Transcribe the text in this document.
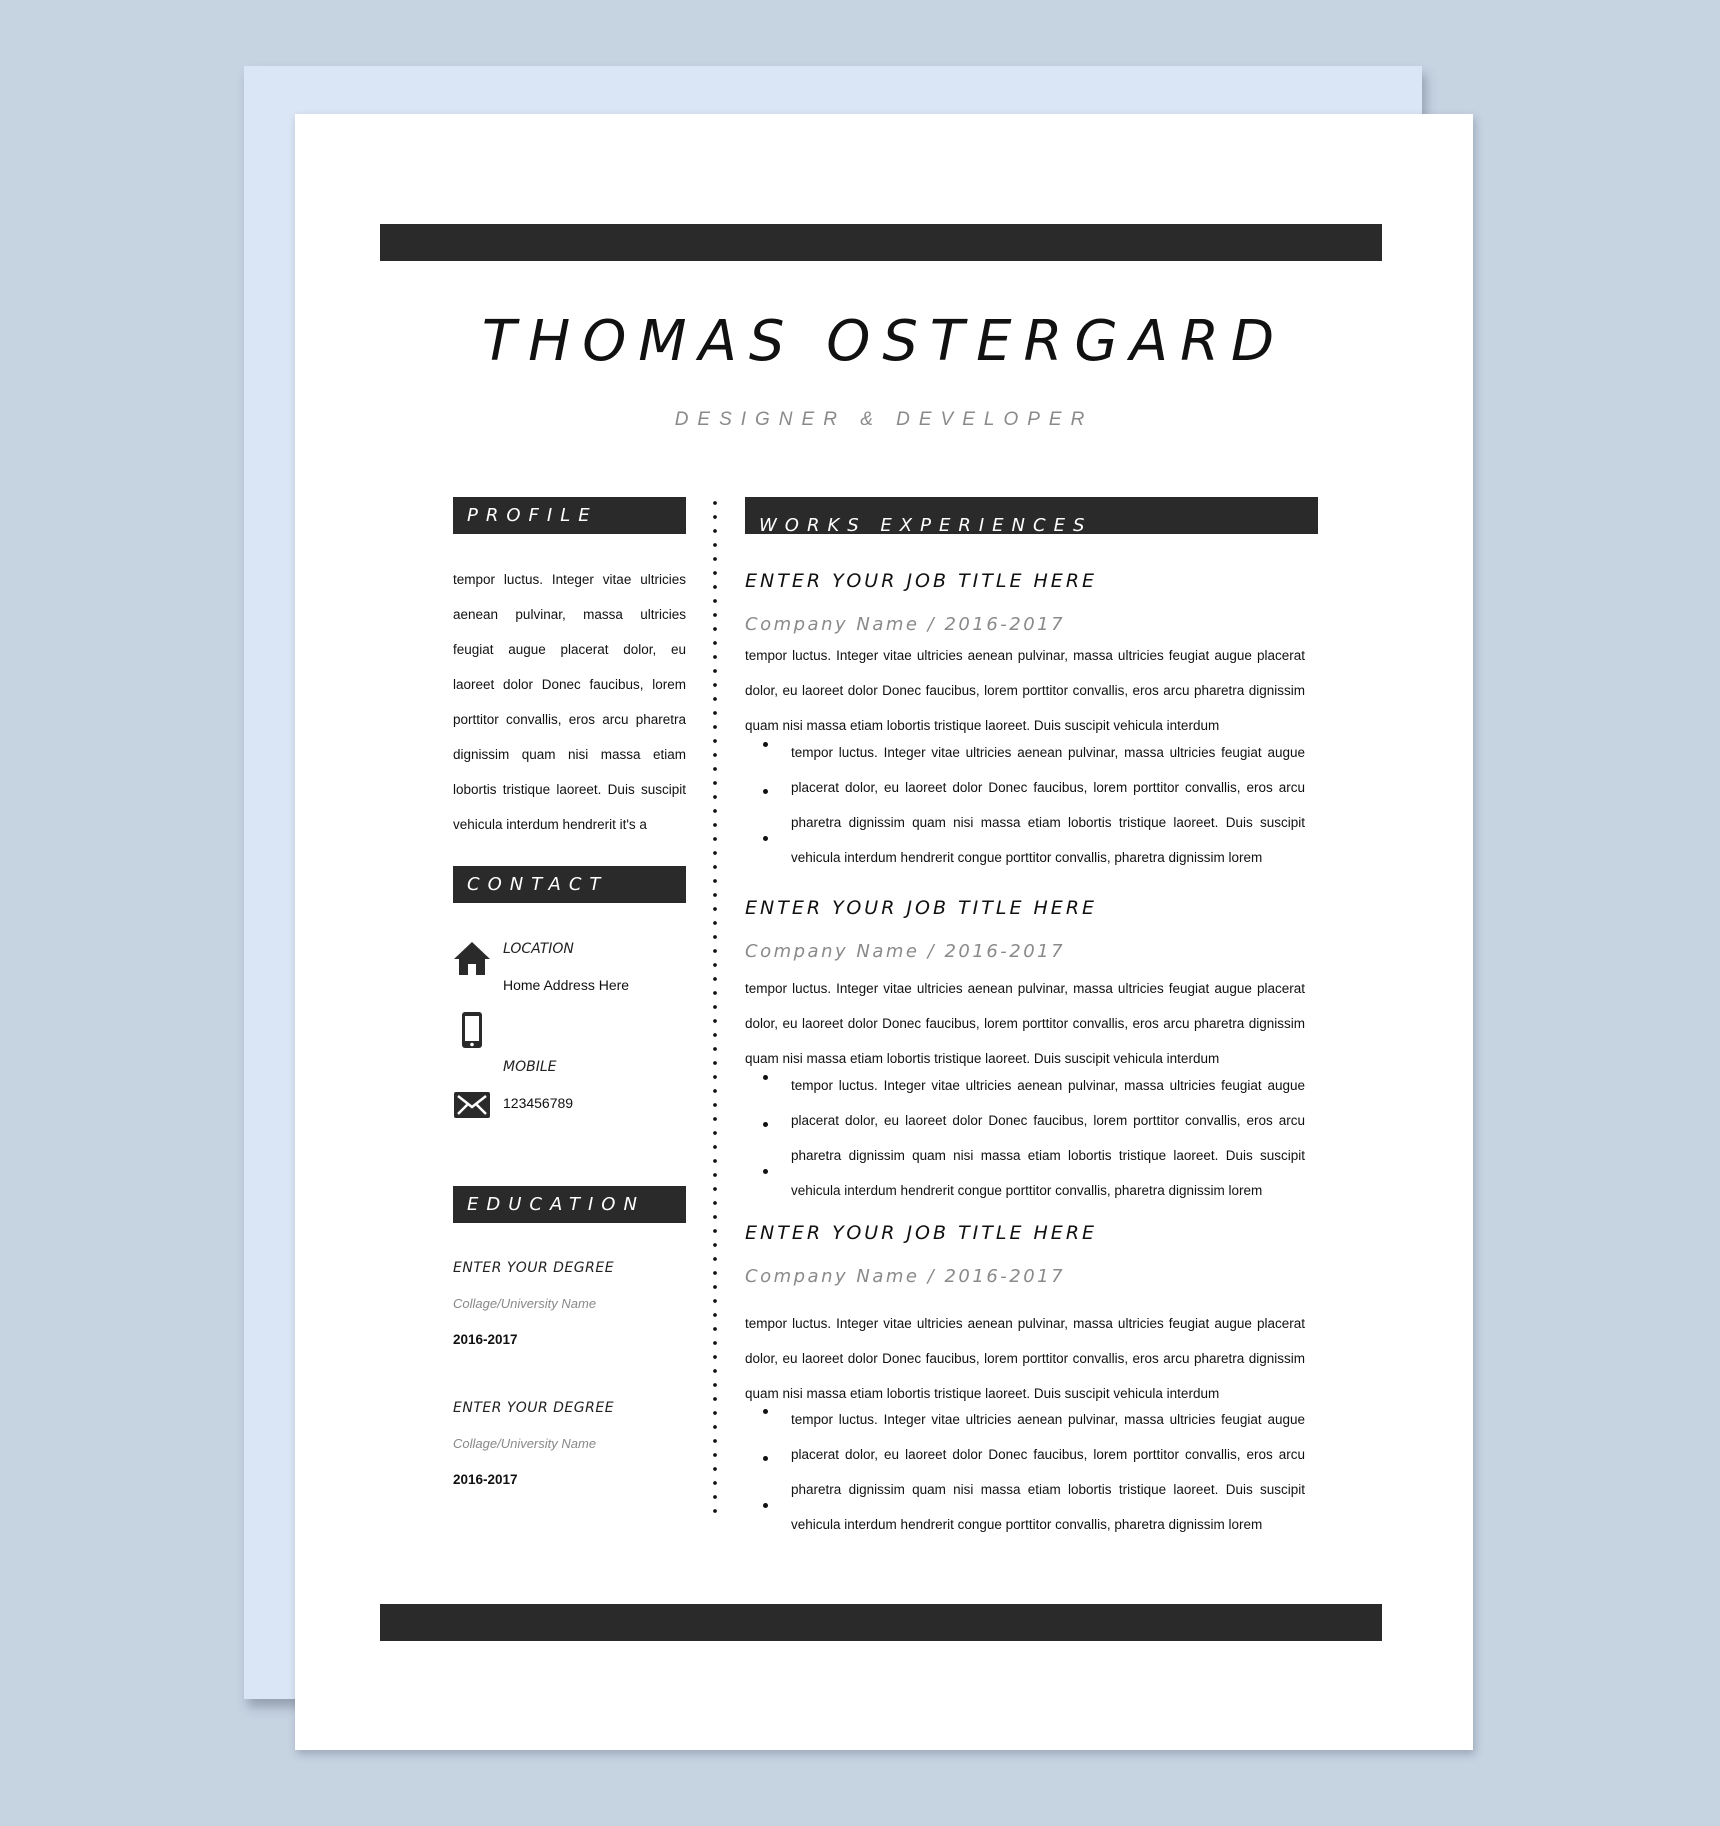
THOMAS OSTERGARD
DESIGNER & DEVELOPER
PROFILE
tempor luctus. Integer vitae ultricies aenean pulvinar, massa ultricies feugiat augue placerat dolor, eu laoreet dolor Donec faucibus, lorem porttitor convallis, eros arcu pharetra dignissim quam nisi massa etiam lobortis tristique laoreet. Duis suscipit vehicula interdum hendrerit it's a
CONTACT
LOCATION
Home Address Here
MOBILE
123456789
EDUCATION
ENTER YOUR DEGREE
Collage/University Name
2016-2017
ENTER YOUR DEGREE
Collage/University Name
2016-2017
WORKS EXPERIENCES
ENTER YOUR JOB TITLE HERE
Company Name / 2016-2017
tempor luctus. Integer vitae ultricies aenean pulvinar, massa ultricies feugiat augue placerat dolor, eu laoreet dolor Donec faucibus, lorem porttitor convallis, eros arcu pharetra dignissim quam nisi massa etiam lobortis tristique laoreet. Duis suscipit vehicula interdum
tempor luctus. Integer vitae ultricies aenean pulvinar, massa ultricies feugiat augue placerat dolor, eu laoreet dolor Donec faucibus, lorem porttitor convallis, eros arcu pharetra dignissim quam nisi massa etiam lobortis tristique laoreet. Duis suscipit vehicula interdum hendrerit congue porttitor convallis, pharetra dignissim lorem
ENTER YOUR JOB TITLE HERE
Company Name / 2016-2017
tempor luctus. Integer vitae ultricies aenean pulvinar, massa ultricies feugiat augue placerat dolor, eu laoreet dolor Donec faucibus, lorem porttitor convallis, eros arcu pharetra dignissim quam nisi massa etiam lobortis tristique laoreet. Duis suscipit vehicula interdum
tempor luctus. Integer vitae ultricies aenean pulvinar, massa ultricies feugiat augue placerat dolor, eu laoreet dolor Donec faucibus, lorem porttitor convallis, eros arcu pharetra dignissim quam nisi massa etiam lobortis tristique laoreet. Duis suscipit vehicula interdum hendrerit congue porttitor convallis, pharetra dignissim lorem
ENTER YOUR JOB TITLE HERE
Company Name / 2016-2017
tempor luctus. Integer vitae ultricies aenean pulvinar, massa ultricies feugiat augue placerat dolor, eu laoreet dolor Donec faucibus, lorem porttitor convallis, eros arcu pharetra dignissim quam nisi massa etiam lobortis tristique laoreet. Duis suscipit vehicula interdum
tempor luctus. Integer vitae ultricies aenean pulvinar, massa ultricies feugiat augue placerat dolor, eu laoreet dolor Donec faucibus, lorem porttitor convallis, eros arcu pharetra dignissim quam nisi massa etiam lobortis tristique laoreet. Duis suscipit vehicula interdum hendrerit congue porttitor convallis, pharetra dignissim lorem
